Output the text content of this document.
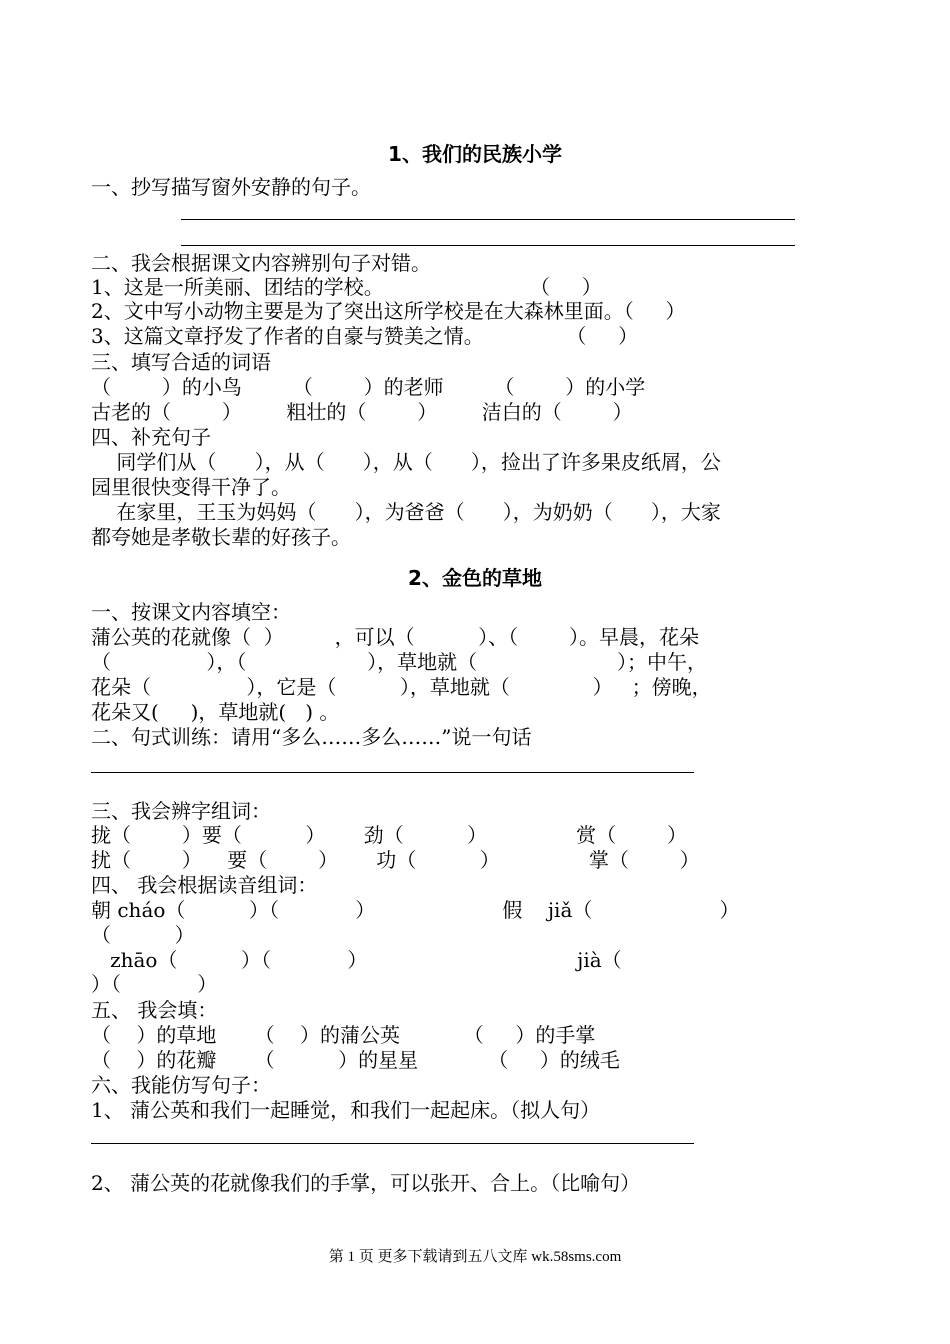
1、我们的民族小学
一、抄写描写窗外安静的句子。
二、我会根据课文内容辨别句子对错。
1、这是一所美丽、团结的学校。                       （     ）
2、文中写小动物主要是为了突出这所学校是在大森林里面。（     ）
3、这篇文章抒发了作者的自豪与赞美之情。             （     ）
三、填写合适的词语
（        ）的小鸟        （        ）的老师        （        ）的小学
古老的（        ）       粗壮的（        ）       洁白的（        ）
四、补充句子
同学们从（      ），从（      ），从（      ），捡出了许多果皮纸屑，公
园里很快变得干净了。
在家里，王玉为妈妈（      ），为爸爸（      ），为奶奶（      ），大家
都夸她是孝敬长辈的好孩子。
2、金色的草地
一、按课文内容填空：
蒲公英的花就像（  ）        ，可以（          ）、（        ）。早晨，花朵
（               ），（                   ），草地就（                      ）；中午，
花朵（               ），它是（          ），草地就（             ）   ；傍晚，
花朵又(     )，草地就(   ) 。
二、句式训练：请用“多么……多么……”说一句话
三、我会辨字组词：
拢（        ）要（          ）      劲（          ）              赏（        ）
扰（        ）    要（        ）      功（          ）              掌（        ）
四、 我会根据读音组词：
朝 cháo（          ）（            ）                    假    jiǎ（                    ）
（          ）
zhāo（          ）（            ）                                 jià（
）（            ）
五、 我会填：
（    ）的草地      （    ）的蒲公英          （     ）的手掌
（    ）的花瓣      （          ）的星星           （     ）的绒毛
六、我能仿写句子：
1、 蒲公英和我们一起睡觉，和我们一起起床。（拟人句）
2、 蒲公英的花就像我们的手掌，可以张开、合上。（比喻句）
第 1 页 更多下载请到五八文库 wk.58sms.com
